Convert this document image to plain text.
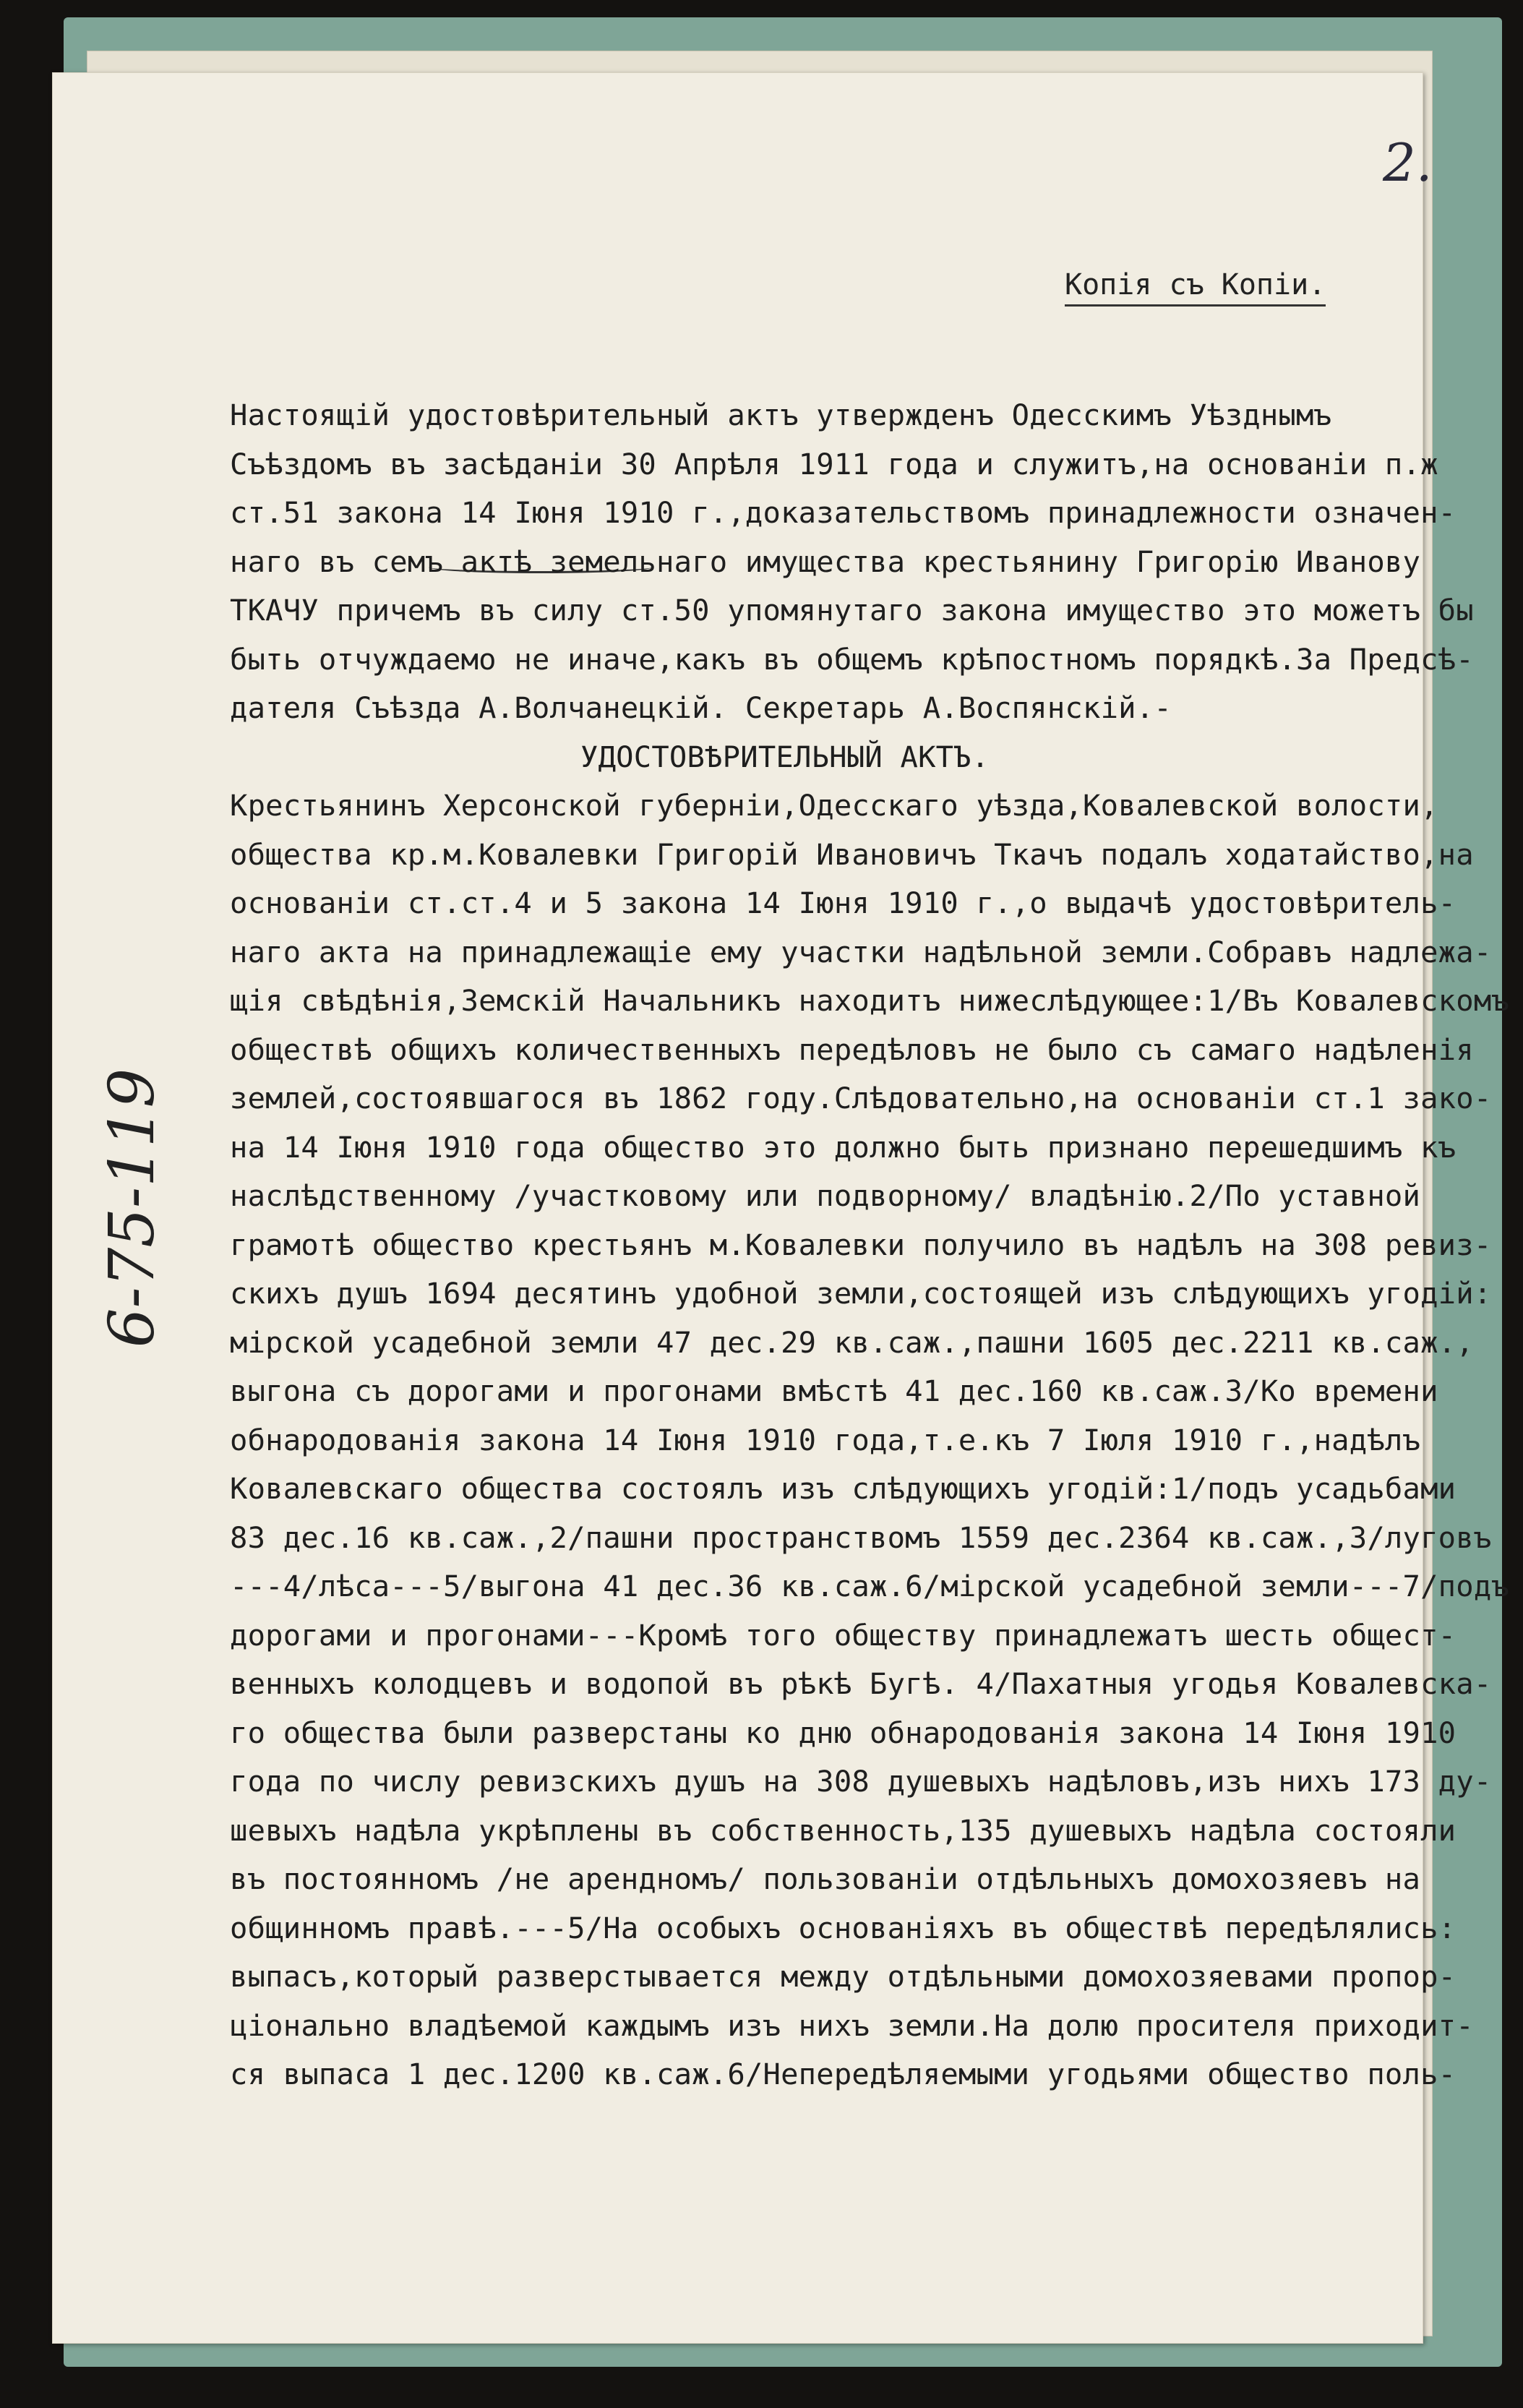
2.

Копія съ Копіи.

6-75-119

Настоящій удостовѣрительный актъ утвержденъ Одесскимъ Уѣзднымъ
Съѣздомъ въ засѣданіи 30 Апрѣля 1911 года и служитъ,на основаніи п.ж
ст.51 закона 14 Іюня 1910 г.,доказательствомъ принадлежности означен-
наго въ семъ актѣ земельнаго имущества крестьянину Григорію Иванову
ТКАЧУ причемъ въ силу ст.50 упомянутаго закона имущество это можетъ бы
быть отчуждаемо не иначе,какъ въ общемъ крѣпостномъ порядкѣ.За Предсѣ-
дателя Съѣзда А.Волчанецкій. Секретарь А.Воспянскій.-
УДОСТОВѢРИТЕЛЬНЫЙ АКТЪ.
Крестьянинъ Херсонской губерніи,Одесскаго уѣзда,Ковалевской волости,
общества кр.м.Ковалевки Григорій Ивановичъ Ткачъ подалъ ходатайство,на
основаніи ст.ст.4 и 5 закона 14 Іюня 1910 г.,о выдачѣ удостовѣритель-
наго акта на принадлежащіе ему участки надѣльной земли.Собравъ надлежа-
щія свѣдѣнія,Земскій Начальникъ находитъ нижеслѣдующее:1/Въ Ковалевскомъ
обществѣ общихъ количественныхъ передѣловъ не было съ самаго надѣленія
землей,состоявшагося въ 1862 году.Слѣдовательно,на основаніи ст.1 зако-
на 14 Іюня 1910 года общество это должно быть признано перешедшимъ къ
наслѣдственному /участковому или подворному/ владѣнію.2/По уставной
грамотѣ общество крестьянъ м.Ковалевки получило въ надѣлъ на 308 ревиз-
скихъ душъ 1694 десятинъ удобной земли,состоящей изъ слѣдующихъ угодій:
мірской усадебной земли 47 дес.29 кв.саж.,пашни 1605 дес.2211 кв.саж.,
выгона съ дорогами и прогонами вмѣстѣ 41 дес.160 кв.саж.3/Ко времени
обнародованія закона 14 Іюня 1910 года,т.е.къ 7 Іюля 1910 г.,надѣлъ
Ковалевскаго общества состоялъ изъ слѣдующихъ угодій:1/подъ усадьбами
83 дес.16 кв.саж.,2/пашни пространствомъ 1559 дес.2364 кв.саж.,3/луговъ
---4/лѣса---5/выгона 41 дес.36 кв.саж.6/мірской усадебной земли---7/подъ
дорогами и прогонами---Кромѣ того обществу принадлежатъ шесть общест-
венныхъ колодцевъ и водопой въ рѣкѣ Бугѣ. 4/Пахатныя угодья Ковалевска-
го общества были разверстаны ко дню обнародованія закона 14 Іюня 1910
года по числу ревизскихъ душъ на 308 душевыхъ надѣловъ,изъ нихъ 173 ду-
шевыхъ надѣла укрѣплены въ собственность,135 душевыхъ надѣла состояли
въ постоянномъ /не арендномъ/ пользованіи отдѣльныхъ домохозяевъ на
общинномъ правѣ.---5/На особыхъ основаніяхъ въ обществѣ передѣлялись:
выпасъ,который разверстывается между отдѣльными домохозяевами пропор-
ціонально владѣемой каждымъ изъ нихъ земли.На долю просителя приходит-
ся выпаса 1 дес.1200 кв.саж.6/Непередѣляемыми угодьями общество поль-
